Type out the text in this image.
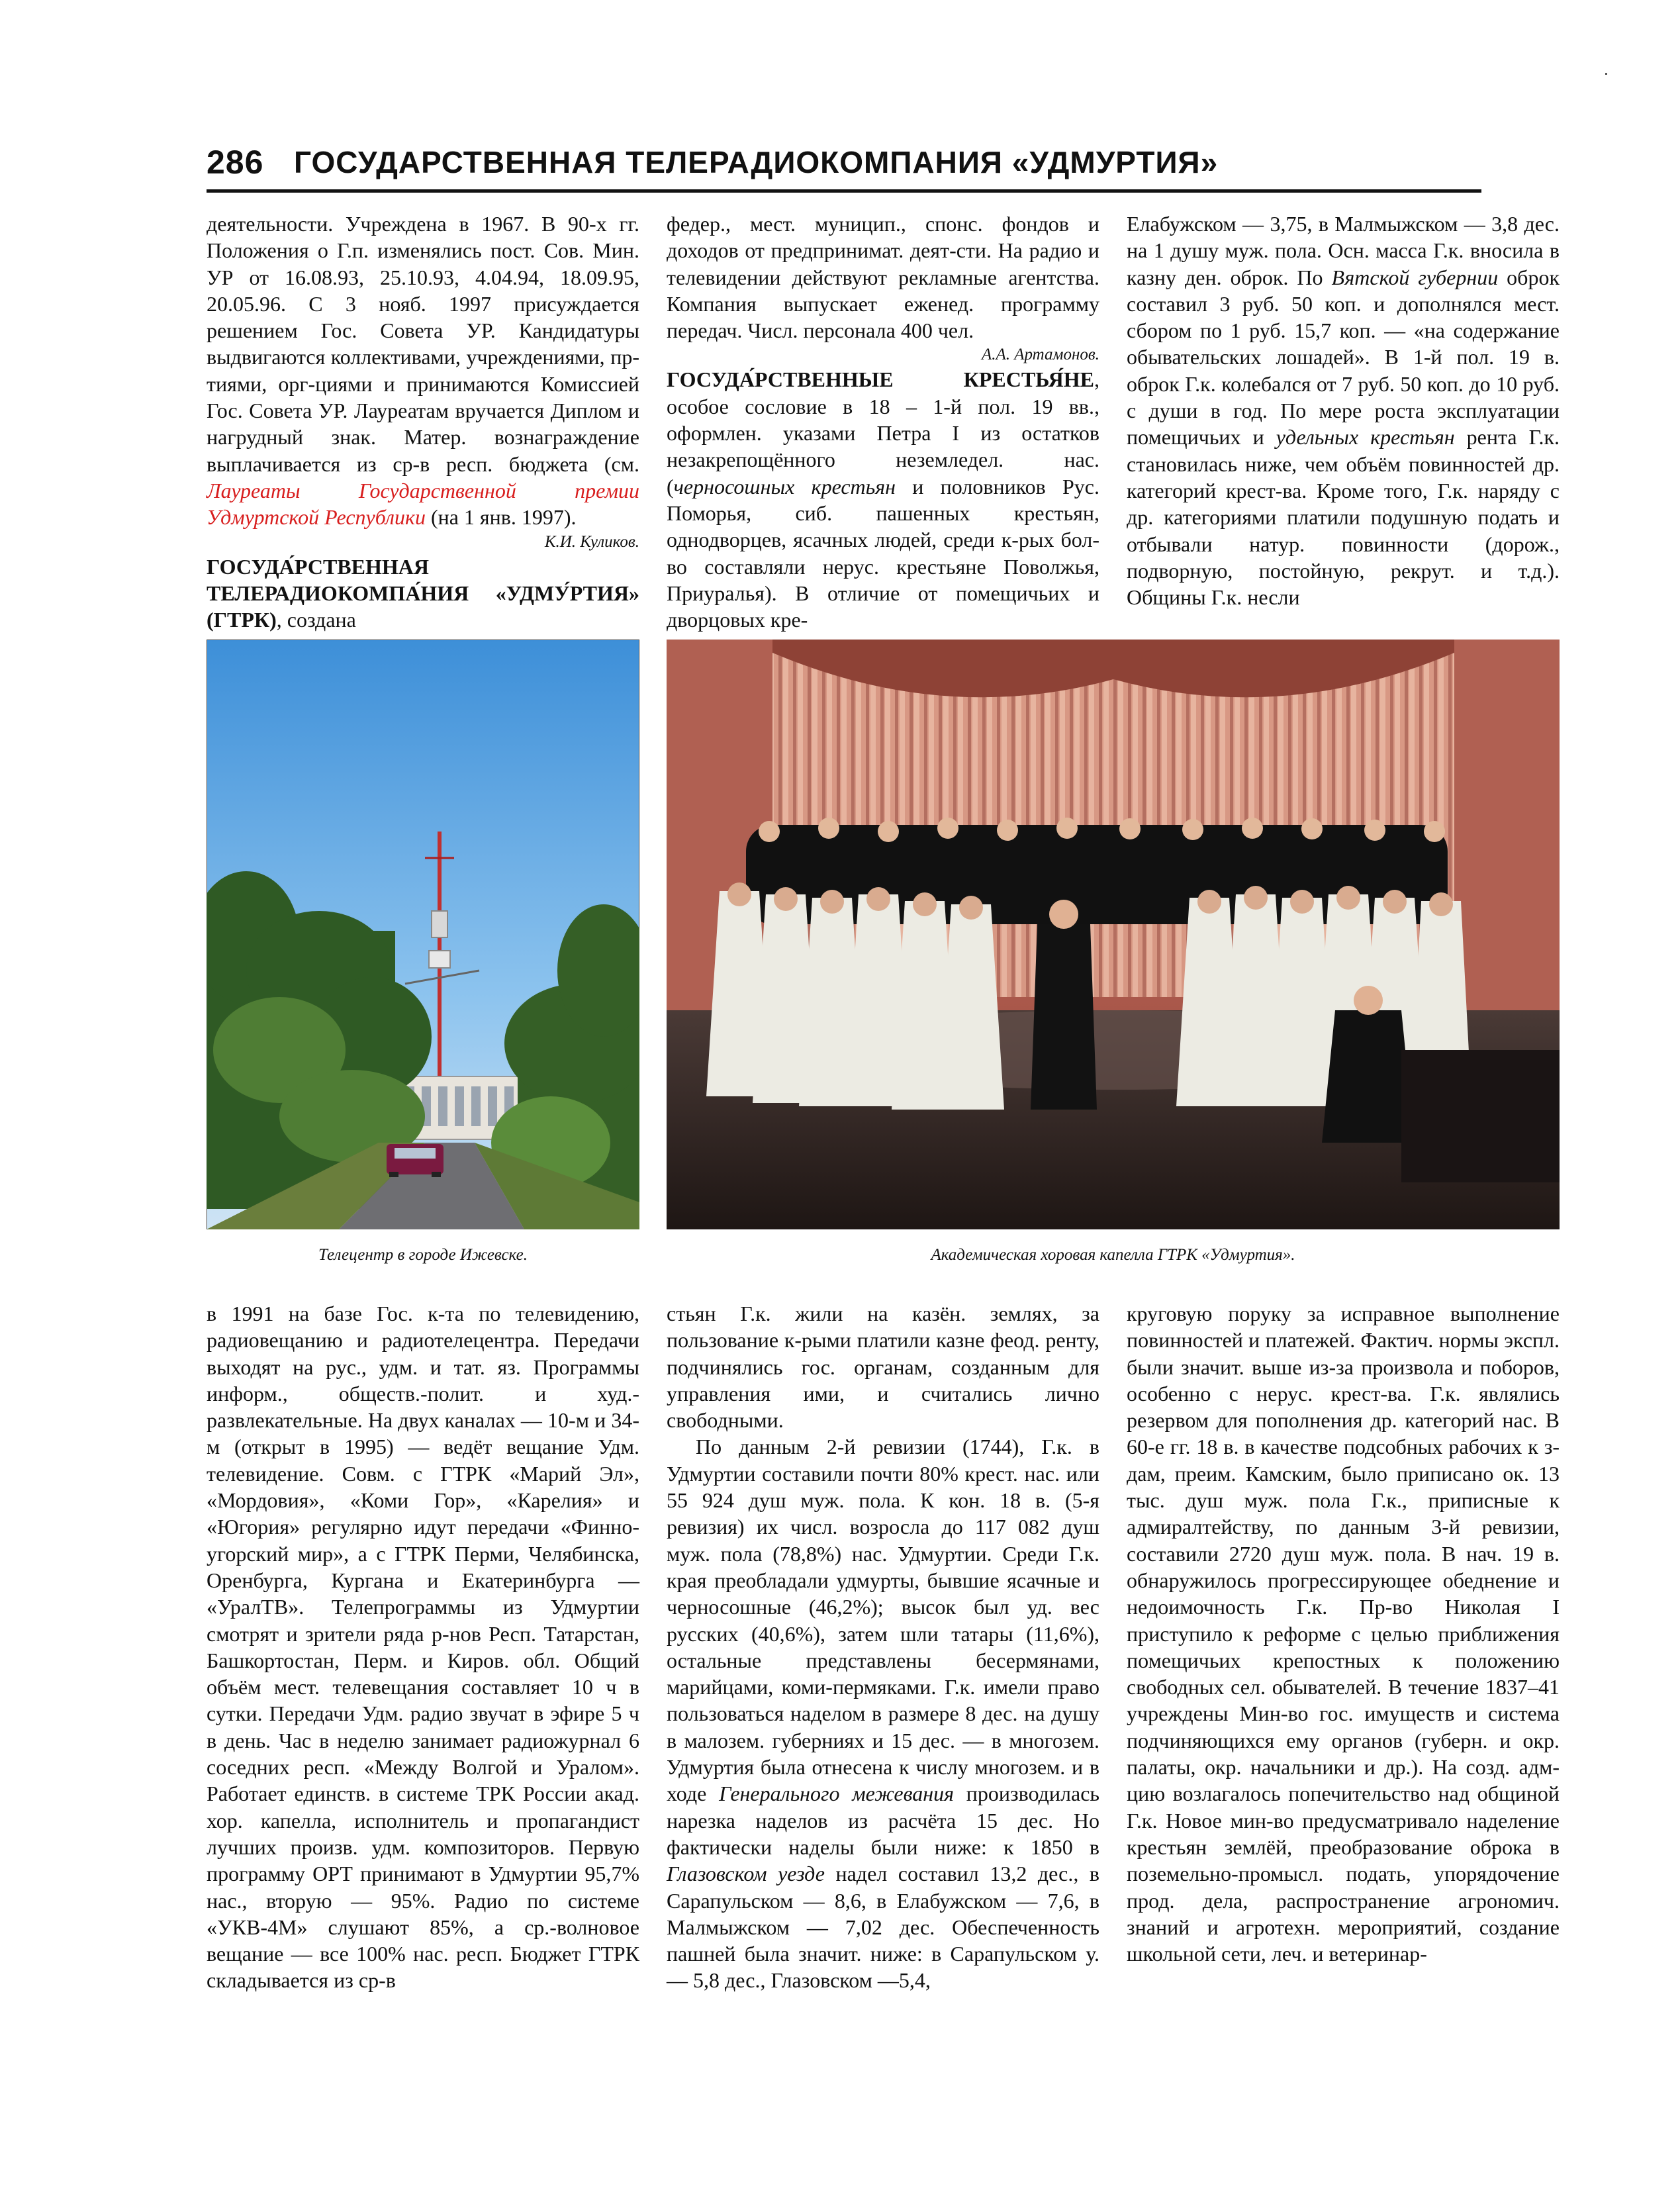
286 ГОСУДАРСТВЕННАЯ ТЕЛЕРАДИОКОМПАНИЯ «УДМУРТИЯ»

деятельности. Учреждена в 1967. В 90-х гг. Положения о Г.п. изменялись пост. Сов. Мин. УР от 16.08.93, 25.10.93, 4.04.94, 18.09.95, 20.05.96. С 3 нояб. 1997 присуждается решением Гос. Совета УР. Кандидатуры выдвигаются коллективами, учреждениями, пр-тиями, орг-циями и принимаются Комиссией Гос. Совета УР. Лауреатам вручается Диплом и нагрудный знак. Матер. вознаграждение выплачивается из ср-в респ. бюджета (см. Лауреаты Государственной премии Удмуртской Республики (на 1 янв. 1997).

К.И. Куликов.

ГОСУДА́РСТВЕННАЯ ТЕЛЕРАДИОКОМПА́НИЯ «УДМУ́РТИЯ» (ГТРК), создана

федер., мест. муницип., спонс. фондов и доходов от предпринимат. деят-сти. На радио и телевидении действуют рекламные агентства. Компания выпускает еженед. программу передач. Числ. персонала 400 чел.

А.А. Артамонов.

ГОСУДА́РСТВЕННЫЕ КРЕСТЬЯ́НЕ, особое сословие в 18 – 1-й пол. 19 вв., оформлен. указами Петра I из остатков незакрепощённого неземледел. нас. (черносошных крестьян и половников Рус. Поморья, сиб. пашенных крестьян, однодворцев, ясачных людей, среди к-рых бол-во составляли нерус. крестьяне Поволжья, Приуралья). В отличие от помещичьих и дворцовых кре-

Елабужском — 3,75, в Малмыжском — 3,8 дес. на 1 душу муж. пола. Осн. масса Г.к. вносила в казну ден. оброк. По Вятской губернии оброк составил 3 руб. 50 коп. и дополнялся мест. сбором по 1 руб. 15,7 коп. — «на содержание обывательских лошадей». В 1-й пол. 19 в. оброк Г.к. колебался от 7 руб. 50 коп. до 10 руб. с души в год. По мере роста эксплуатации помещичьих и удельных крестьян рента Г.к. становилась ниже, чем объём повинностей др. категорий крест-ва. Кроме того, Г.к. наряду с др. категориями платили подушную подать и отбывали натур. повинности (дорож., подворную, постойную, рекрут. и т.д.). Общины Г.к. несли

Телецентр в городе Ижевске.	Академическая хоровая капелла ГТРК «Удмуртия».

в 1991 на базе Гос. к-та по телевидению, радиовещанию и радиотелецентра. Передачи выходят на рус., удм. и тат. яз. Программы информ., обществ.-полит. и худ.-развлекательные. На двух каналах — 10-м и 34-м (открыт в 1995) — ведёт вещание Удм. телевидение. Совм. с ГТРК «Марий Эл», «Мордовия», «Коми Гор», «Карелия» и «Югория» регулярно идут передачи «Финно-угорский мир», а с ГТРК Перми, Челябинска, Оренбурга, Кургана и Екатеринбурга — «УралТВ». Телепрограммы из Удмуртии смотрят и зрители ряда р-нов Респ. Татарстан, Башкортостан, Перм. и Киров. обл. Общий объём мест. телевещания составляет 10 ч в сутки. Передачи Удм. радио звучат в эфире 5 ч в день. Час в неделю занимает радиожурнал 6 соседних респ. «Между Волгой и Уралом». Работает единств. в системе ТРК России акад. хор. капелла, исполнитель и пропагандист лучших произв. удм. композиторов. Первую программу ОРТ принимают в Удмуртии 95,7% нас., вторую — 95%. Радио по системе «УКВ-4М» слушают 85%, а ср.-волновое вещание — все 100% нас. респ. Бюджет ГТРК складывается из ср-в

стьян Г.к. жили на казён. землях, за пользование к-рыми платили казне феод. ренту, подчинялись гос. органам, созданным для управления ими, и считались лично свободными.

По данным 2-й ревизии (1744), Г.к. в Удмуртии составили почти 80% крест. нас. или 55 924 душ муж. пола. К кон. 18 в. (5-я ревизия) их числ. возросла до 117 082 душ муж. пола (78,8%) нас. Удмуртии. Среди Г.к. края преобладали удмурты, бывшие ясачные и черносошные (46,2%); высок был уд. вес русских (40,6%), затем шли татары (11,6%), остальные представлены бесермянами, марийцами, коми-пермяками. Г.к. имели право пользоваться наделом в размере 8 дес. на душу в малозем. губерниях и 15 дес. — в многозем. Удмуртия была отнесена к числу многозем. и в ходе Генерального межевания производилась нарезка наделов из расчёта 15 дес. Но фактически наделы были ниже: к 1850 в Глазовском уезде надел составил 13,2 дес., в Сарапульском — 8,6, в Елабужском — 7,6, в Малмыжском — 7,02 дес. Обеспеченность пашней была значит. ниже: в Сарапульском у. — 5,8 дес., Глазовском —5,4,

круговую поруку за исправное выполнение повинностей и платежей. Фактич. нормы экспл. были значит. выше из-за произвола и поборов, особенно с нерус. крест-ва. Г.к. являлись резервом для пополнения др. категорий нас. В 60-е гг. 18 в. в качестве подсобных рабочих к з-дам, преим. Камским, было приписано ок. 13 тыс. душ муж. пола Г.к., приписные к адмиралтейству, по данным 3-й ревизии, составили 2720 душ муж. пола. В нач. 19 в. обнаружилось прогрессирующее обеднение и недоимочность Г.к. Пр-во Николая I приступило к реформе с целью приближения помещичьих крепостных к положению свободных сел. обывателей. В течение 1837–41 учреждены Мин-во гос. имуществ и система подчиняющихся ему органов (губерн. и окр. палаты, окр. начальники и др.). На созд. адм-цию возлагалось попечительство над общиной Г.к. Новое мин-во предусматривало наделение крестьян землёй, преобразование оброка в поземельно-промысл. подать, упорядочение прод. дела, распространение агрономич. знаний и агротехн. мероприятий, создание школьной сети, леч. и ветеринар-
